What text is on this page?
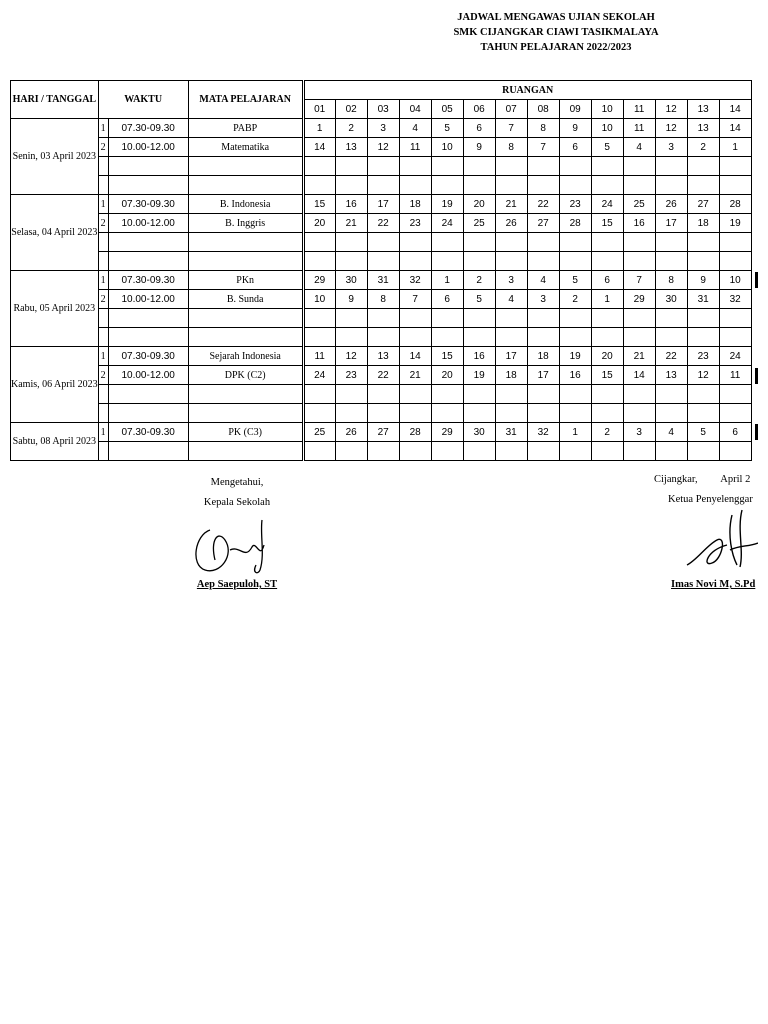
JADWAL MENGAWAS UJIAN SEKOLAH
SMK CIJANGKAR CIAWI TASIKMALAYA
TAHUN PELAJARAN 2022/2023
HARI / TANGGAL	WAKTU		MATA PELAJARAN	RUANGAN													
				01	02	03	04	05	06	07	08	09	10	11	12	13	14
Senin, 03 April 2023	1	07.30-09.30	PABP	1	2	3	4	5	6	7	8	9	10	11	12	13	14
	2	10.00-12.00	Matematika	14	13	12	11	10	9	8	7	6	5	4	3	2	1

Selasa, 04 April 2023	1	07.30-09.30	B. Indonesia	15	16	17	18	19	20	21	22	23	24	25	26	27	28
	2	10.00-12.00	B. Inggris	20	21	22	23	24	25	26	27	28	15	16	17	18	19

Rabu, 05 April 2023	1	07.30-09.30	PKn	29	30	31	32	1	2	3	4	5	6	7	8	9	10
	2	10.00-12.00	B. Sunda	10	9	8	7	6	5	4	3	2	1	29	30	31	32

Kamis, 06 April 2023	1	07.30-09.30	Sejarah Indonesia	11	12	13	14	15	16	17	18	19	20	21	22	23	24
	2	10.00-12.00	DPK (C2)	24	23	22	21	20	19	18	17	16	15	14	13	12	11

Sabtu, 08 April 2023	1	07.30-09.30	PK (C3)	25	26	27	28	29	30	31	32	1	2	3	4	5	6

Mengetahui,
Kepala Sekolah
Aep Saepuloh, ST
Cijangkar, April 2
Ketua Penyelenggar
Imas Novi M, S.Pd
